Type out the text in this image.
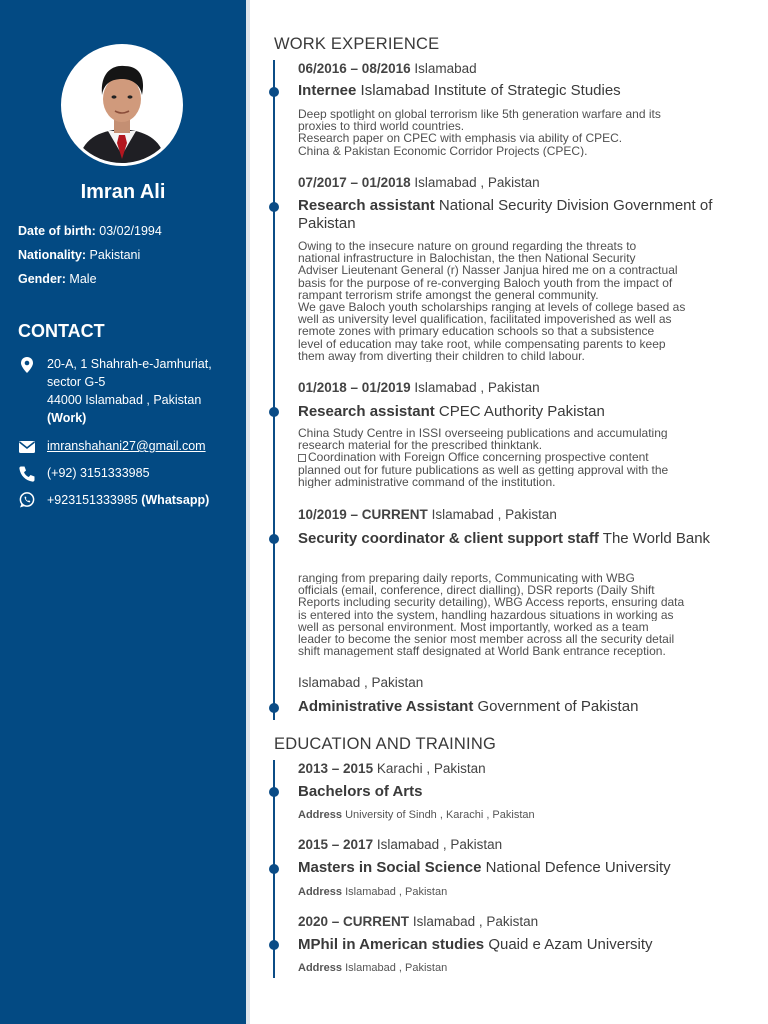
Imran Ali
Date of birth: 03/02/1994
Nationality: Pakistani
Gender: Male
CONTACT
20-A, 1 Shahrah-e-Jamhuriat,
sector G-5
44000 Islamabad , Pakistan
(Work)
imranshahani27@gmail.com
(+92) 3151333985
+923151333985 (Whatsapp)
WORK EXPERIENCE
06/2016 – 08/2016 Islamabad
Internee Islamabad Institute of Strategic Studies
Deep spotlight on global terrorism like 5th generation warfare and its
proxies to third world countries.
Research paper on CPEC with emphasis via ability of CPEC.
China & Pakistan Economic Corridor Projects (CPEC).
07/2017 – 01/2018 Islamabad , Pakistan
Research assistant National Security Division Government of Pakistan
Owing to the insecure nature on ground regarding the threats to
national infrastructure in Balochistan, the then National Security
Adviser Lieutenant General (r) Nasser Janjua hired me on a contractual
basis for the purpose of re-converging Baloch youth from the impact of
rampant terrorism strife amongst the general community.
We gave Baloch youth scholarships ranging at levels of college based as
well as university level qualification, facilitated impoverished as well as
remote zones with primary education schools so that a subsistence
level of education may take root, while compensating parents to keep
them away from diverting their children to child labour.
01/2018 – 01/2019 Islamabad , Pakistan
Research assistant CPEC Authority Pakistan
China Study Centre in ISSI overseeing publications and accumulating
research material for the prescribed thinktank.
Coordination with Foreign Office concerning prospective content
planned out for future publications as well as getting approval with the
higher administrative command of the institution.
10/2019 – CURRENT Islamabad , Pakistan
Security coordinator & client support staff The World Bank
ranging from preparing daily reports, Communicating with WBG
officials (email, conference, direct dialling), DSR reports (Daily Shift
Reports including security detailing), WBG Access reports, ensuring data
is entered into the system, handling hazardous situations in working as
well as personal environment. Most importantly, worked as a team
leader to become the senior most member across all the security detail
shift management staff designated at World Bank entrance reception.
Islamabad , Pakistan
Administrative Assistant Government of Pakistan
EDUCATION AND TRAINING
2013 – 2015 Karachi , Pakistan
Bachelors of Arts
Address University of Sindh , Karachi , Pakistan
2015 – 2017 Islamabad , Pakistan
Masters in Social Science National Defence University
Address Islamabad , Pakistan
2020 – CURRENT Islamabad , Pakistan
MPhil in American studies Quaid e Azam University
Address Islamabad , Pakistan
